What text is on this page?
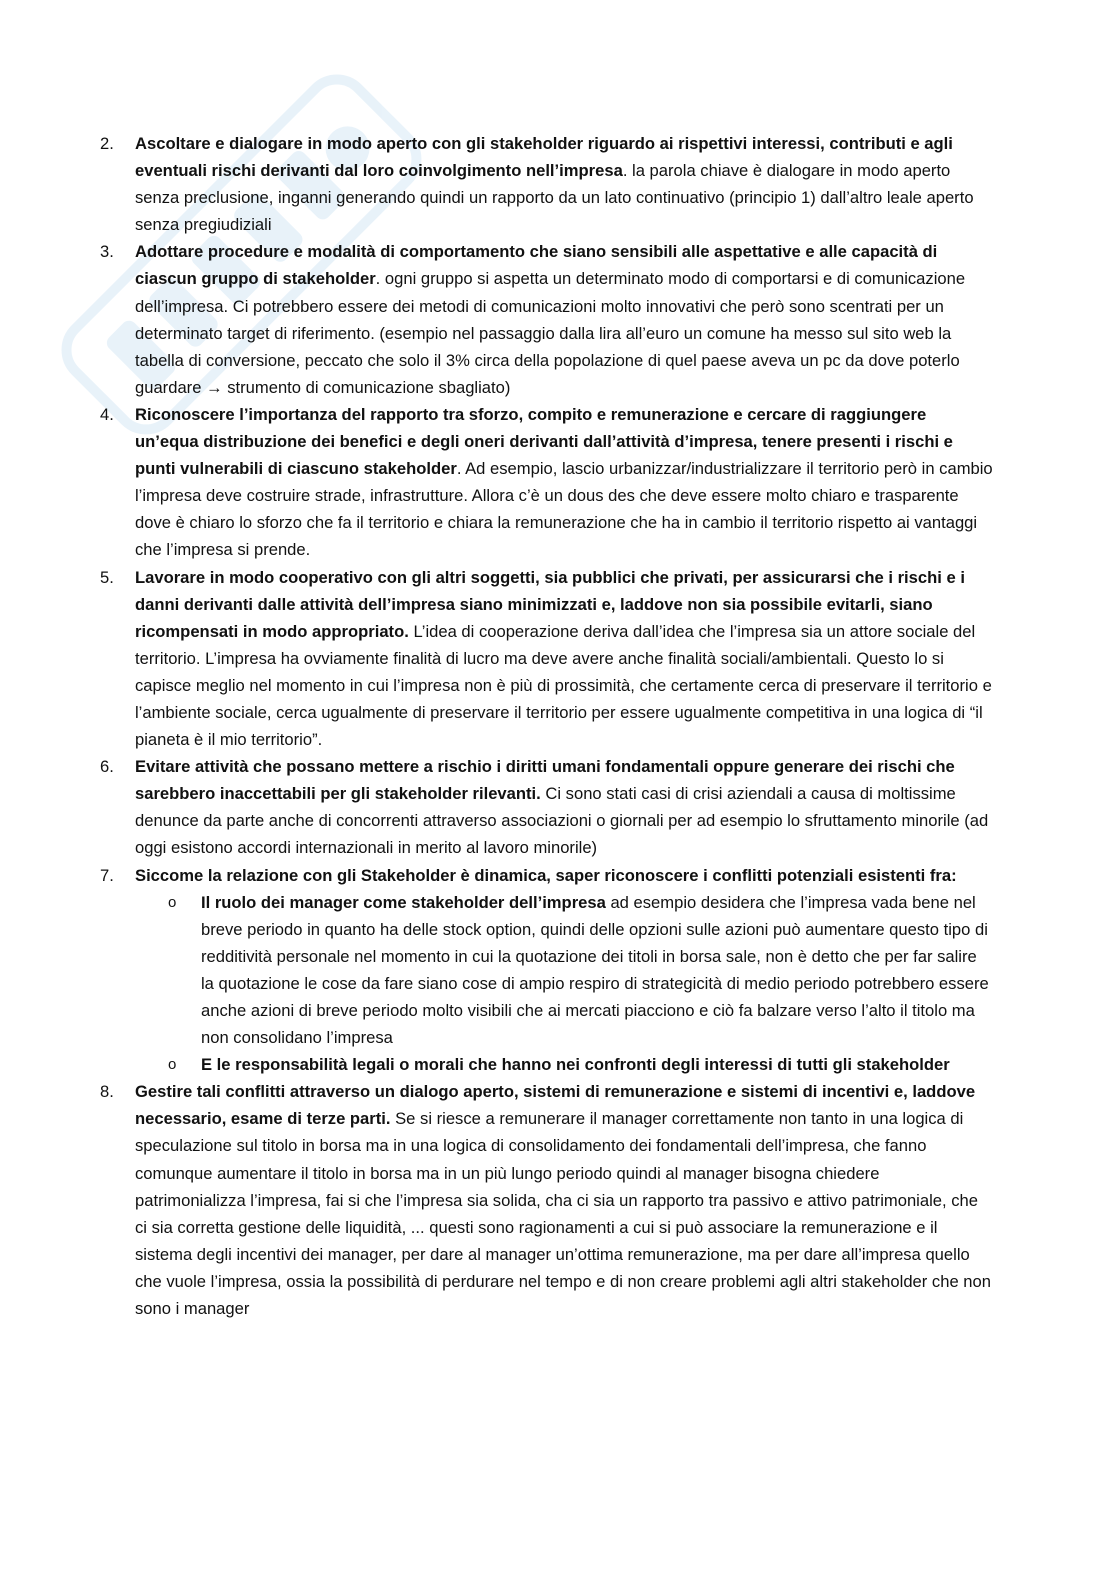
2. Ascoltare e dialogare in modo aperto con gli stakeholder riguardo ai rispettivi interessi, contributi e agli eventuali rischi derivanti dal loro coinvolgimento nell’impresa. la parola chiave è dialogare in modo aperto senza preclusione, inganni generando quindi un rapporto da un lato continuativo (principio 1) dall’altro leale aperto senza pregiudiziali
3. Adottare procedure e modalità di comportamento che siano sensibili alle aspettative e alle capacità di ciascun gruppo di stakeholder. ogni gruppo si aspetta un determinato modo di comportarsi e di comunicazione dell’impresa. Ci potrebbero essere dei metodi di comunicazioni molto innovativi che però sono scentrati per un determinato target di riferimento. (esempio nel passaggio dalla lira all’euro un comune ha messo sul sito web la tabella di conversione, peccato che solo il 3% circa della popolazione di quel paese aveva un pc da dove poterlo guardare → strumento di comunicazione sbagliato)
4. Riconoscere l’importanza del rapporto tra sforzo, compito e remunerazione e cercare di raggiungere un’equa distribuzione dei benefici e degli oneri derivanti dall’attività d’impresa, tenere presenti i rischi e punti vulnerabili di ciascuno stakeholder. Ad esempio, lascio urbanizzar/industrializzare il territorio però in cambio l’impresa deve costruire strade, infrastrutture. Allora c’è un dous des che deve essere molto chiaro e trasparente dove è chiaro lo sforzo che fa il territorio e chiara la remunerazione che ha in cambio il territorio rispetto ai vantaggi che l’impresa si prende.
5. Lavorare in modo cooperativo con gli altri soggetti, sia pubblici che privati, per assicurarsi che i rischi e i danni derivanti dalle attività dell’impresa siano minimizzati e, laddove non sia possibile evitarli, siano ricompensati in modo appropriato. L’idea di cooperazione deriva dall’idea che l’impresa sia un attore sociale del territorio. L’impresa ha ovviamente finalità di lucro ma deve avere anche finalità sociali/ambientali. Questo lo si capisce meglio nel momento in cui l’impresa non è più di prossimità, che certamente cerca di preservare il territorio e l’ambiente sociale, cerca ugualmente di preservare il territorio per essere ugualmente competitiva in una logica di “il pianeta è il mio territorio”.
6. Evitare attività che possano mettere a rischio i diritti umani fondamentali oppure generare dei rischi che sarebbero inaccettabili per gli stakeholder rilevanti. Ci sono stati casi di crisi aziendali a causa di moltissime denunce da parte anche di concorrenti attraverso associazioni o giornali per ad esempio lo sfruttamento minorile (ad oggi esistono accordi internazionali in merito al lavoro minorile)
7. Siccome la relazione con gli Stakeholder è dinamica, saper riconoscere i conflitti potenziali esistenti fra:
o Il ruolo dei manager come stakeholder dell’impresa ad esempio desidera che l’impresa vada bene nel breve periodo in quanto ha delle stock option, quindi delle opzioni sulle azioni può aumentare questo tipo di redditività personale nel momento in cui la quotazione dei titoli in borsa sale, non è detto che per far salire la quotazione le cose da fare siano cose di ampio respiro di strategicità di medio periodo potrebbero essere anche azioni di breve periodo molto visibili che ai mercati piacciono e ciò fa balzare verso l’alto il titolo ma non consolidano l’impresa
o E le responsabilità legali o morali che hanno nei confronti degli interessi di tutti gli stakeholder
8. Gestire tali conflitti attraverso un dialogo aperto, sistemi di remunerazione e sistemi di incentivi e, laddove necessario, esame di terze parti. Se si riesce a remunerare il manager correttamente non tanto in una logica di speculazione sul titolo in borsa ma in una logica di consolidamento dei fondamentali dell’impresa, che fanno comunque aumentare il titolo in borsa ma in un più lungo periodo quindi al manager bisogna chiedere patrimonializza l’impresa, fai si che l’impresa sia solida, cha ci sia un rapporto tra passivo e attivo patrimoniale, che ci sia corretta gestione delle liquidità, ... questi sono ragionamenti a cui si può associare la remunerazione e il sistema degli incentivi dei manager, per dare al manager un’ottima remunerazione, ma per dare all’impresa quello che vuole l’impresa, ossia la possibilità di perdurare nel tempo e di non creare problemi agli altri stakeholder che non sono i manager
